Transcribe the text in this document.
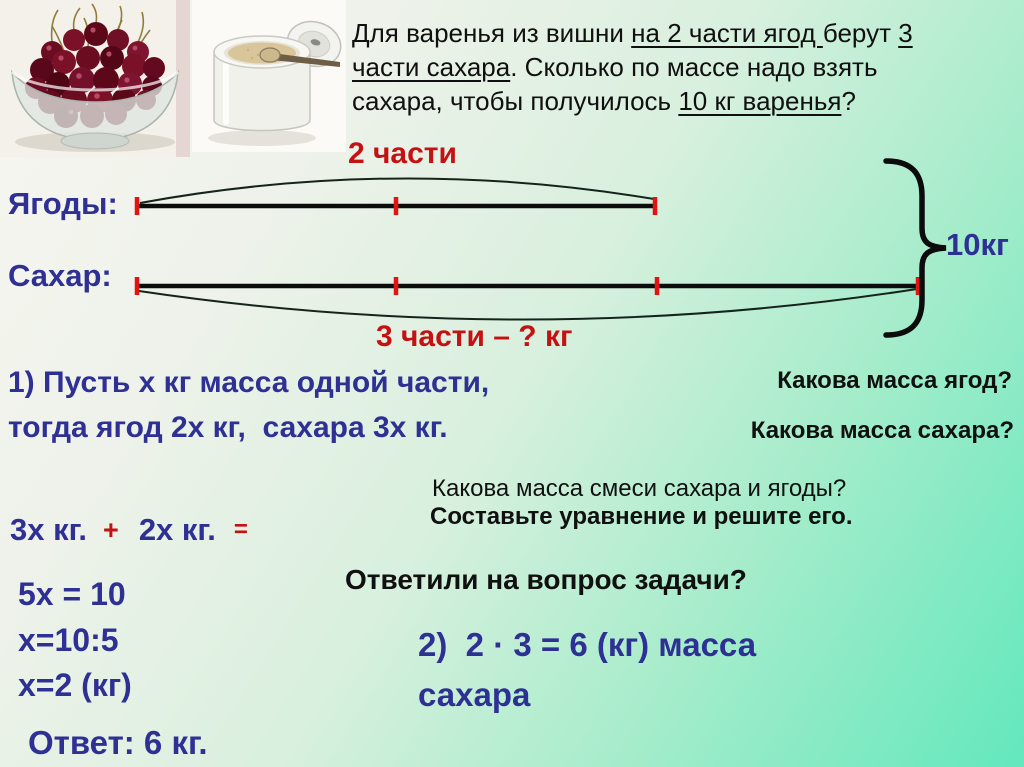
Для варенья из вишни на 2 части ягод берут 3
части сахара. Сколько по массе надо взять
сахара, чтобы получилось 10 кг варенья?
Ягоды:
Сахар:
2 части
3 части – ? кг
10кг
1) Пусть х кг масса одной части,
тогда ягод 2х кг,  сахара 3х кг.
Какова масса ягод?
Какова масса сахара?
Какова масса смеси сахара и ягоды?
Составьте уравнение и решите его.
Ответили на вопрос задачи?
3х кг. + 2х кг. =
5х = 10
х=10:5
х=2 (кг)
Ответ: 6 кг.
2)  2 · 3 = 6 (кг) масса
сахара
